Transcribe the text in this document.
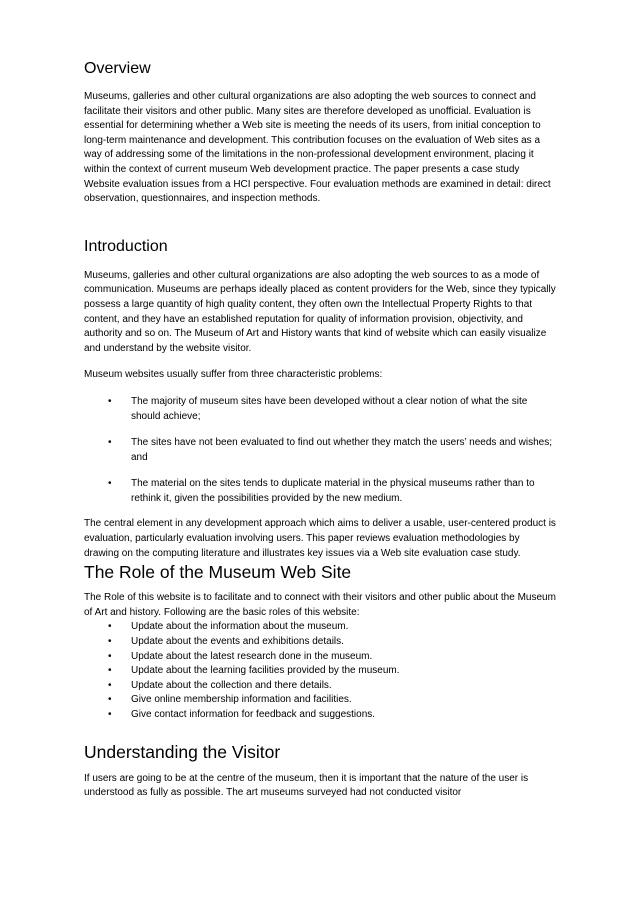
Overview

Museums, galleries and other cultural organizations are also adopting the web sources to connect and facilitate their visitors and other public. Many sites are therefore developed as unofficial. Evaluation is essential for determining whether a Web site is meeting the needs of its users, from initial conception to long-term maintenance and development. This contribution focuses on the evaluation of Web sites as a way of addressing some of the limitations in the non-professional development environment, placing it within the context of current museum Web development practice. The paper presents a case study Website evaluation issues from a HCI perspective. Four evaluation methods are examined in detail: direct observation, questionnaires, and inspection methods.

Introduction

Museums, galleries and other cultural organizations are also adopting the web sources to as a mode of communication. Museums are perhaps ideally placed as content providers for the Web, since they typically possess a large quantity of high quality content, they often own the Intellectual Property Rights to that content, and they have an established reputation for quality of information provision, objectivity, and authority and so on. The Museum of Art and History wants that kind of website which can easily visualize and understand by the website visitor.

Museum websites usually suffer from three characteristic problems:

• The majority of museum sites have been developed without a clear notion of what the site should achieve;
• The sites have not been evaluated to find out whether they match the users’ needs and wishes; and
• The material on the sites tends to duplicate material in the physical museums rather than to rethink it, given the possibilities provided by the new medium.

The central element in any development approach which aims to deliver a usable, user-centered product is evaluation, particularly evaluation involving users. This paper reviews evaluation methodologies by drawing on the computing literature and illustrates key issues via a Web site evaluation case study.

The Role of the Museum Web Site

The Role of this website is to facilitate and to connect with their visitors and other public about the Museum of Art and history. Following are the basic roles of this website:

• Update about the information about the museum.
• Update about the events and exhibitions details.
• Update about the latest research done in the museum.
• Update about the learning facilities provided by the museum.
• Update about the collection and there details.
• Give online membership information and facilities.
• Give contact information for feedback and suggestions.
Understanding the Visitor

If users are going to be at the centre of the museum, then it is important that the nature of the user is understood as fully as possible. The art museums surveyed had not conducted visitor
